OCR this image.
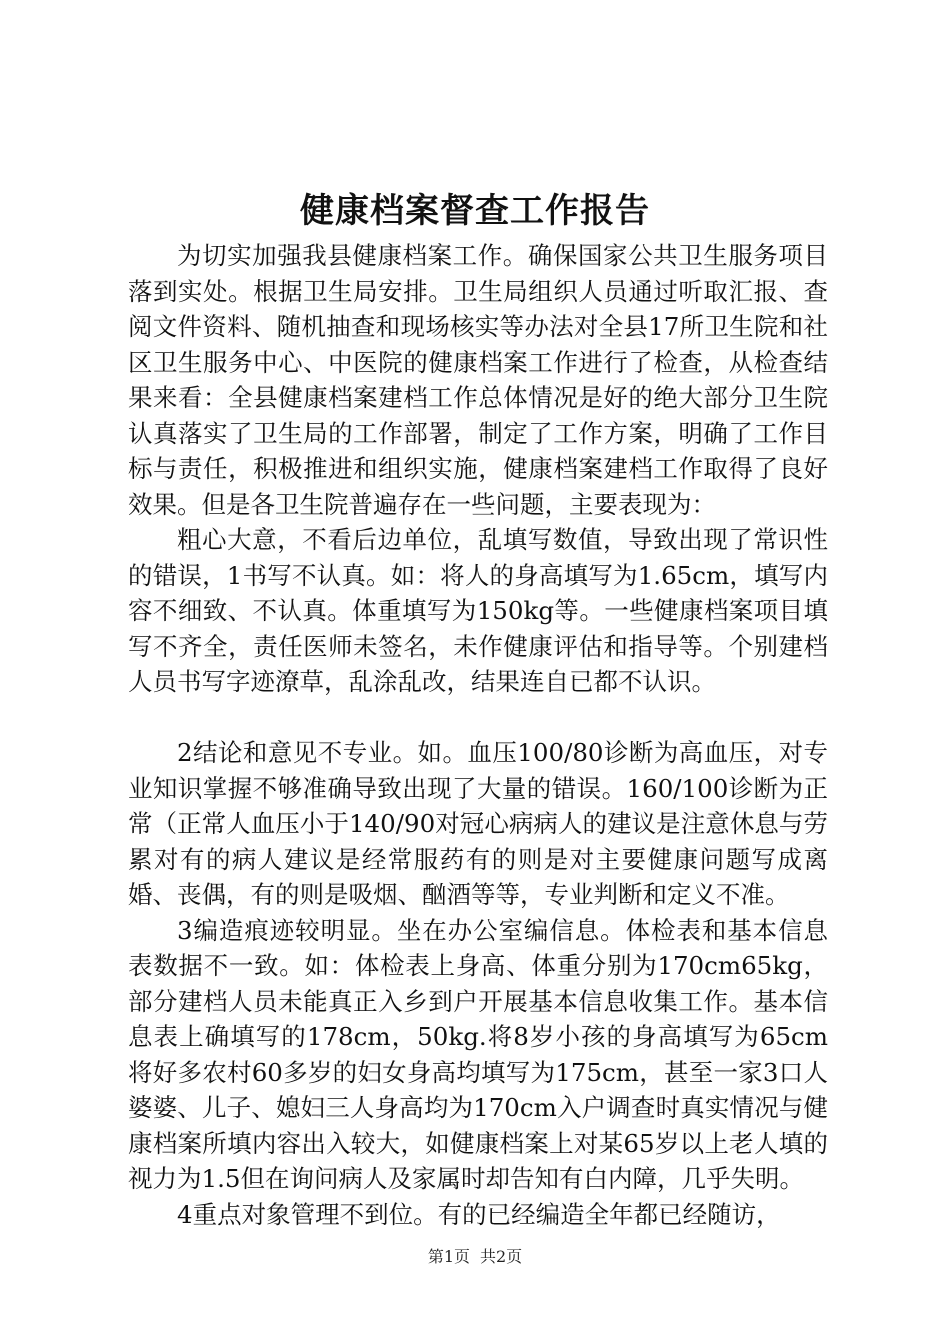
健康档案督查工作报告

为切实加强我县健康档案工作。确保国家公共卫生服务项目落到实处。根据卫生局安排。卫生局组织人员通过听取汇报、查阅文件资料、随机抽查和现场核实等办法对全县17所卫生院和社区卫生服务中心、中医院的健康档案工作进行了检查，从检查结果来看：全县健康档案建档工作总体情况是好的绝大部分卫生院认真落实了卫生局的工作部署，制定了工作方案，明确了工作目标与责任，积极推进和组织实施，健康档案建档工作取得了良好效果。但是各卫生院普遍存在一些问题，主要表现为：

粗心大意，不看后边单位，乱填写数值，导致出现了常识性的错误，1书写不认真。如：将人的身高填写为1.65cm，填写内容不细致、不认真。体重填写为150kg等。一些健康档案项目填写不齐全，责任医师未签名，未作健康评估和指导等。个别建档人员书写字迹潦草，乱涂乱改，结果连自已都不认识。

2结论和意见不专业。如。血压100/80诊断为高血压，对专业知识掌握不够准确导致出现了大量的错误。160/100诊断为正常（正常人血压小于140/90对冠心病病人的建议是注意休息与劳累对有的病人建议是经常服药有的则是对主要健康问题写成离婚、丧偶，有的则是吸烟、酗酒等等，专业判断和定义不准。

3编造痕迹较明显。坐在办公室编信息。体检表和基本信息表数据不一致。如：体检表上身高、体重分别为170cm65kg，部分建档人员未能真正入乡到户开展基本信息收集工作。基本信息表上确填写的178cm，50kg.将8岁小孩的身高填写为65cm将好多农村60多岁的妇女身高均填写为175cm，甚至一家3口人婆婆、儿子、媳妇三人身高均为170cm入户调查时真实情况与健康档案所填内容出入较大，如健康档案上对某65岁以上老人填的视力为1.5但在询问病人及家属时却告知有白内障，几乎失明。

4重点对象管理不到位。有的已经编造全年都已经随访，

第1页 共2页
